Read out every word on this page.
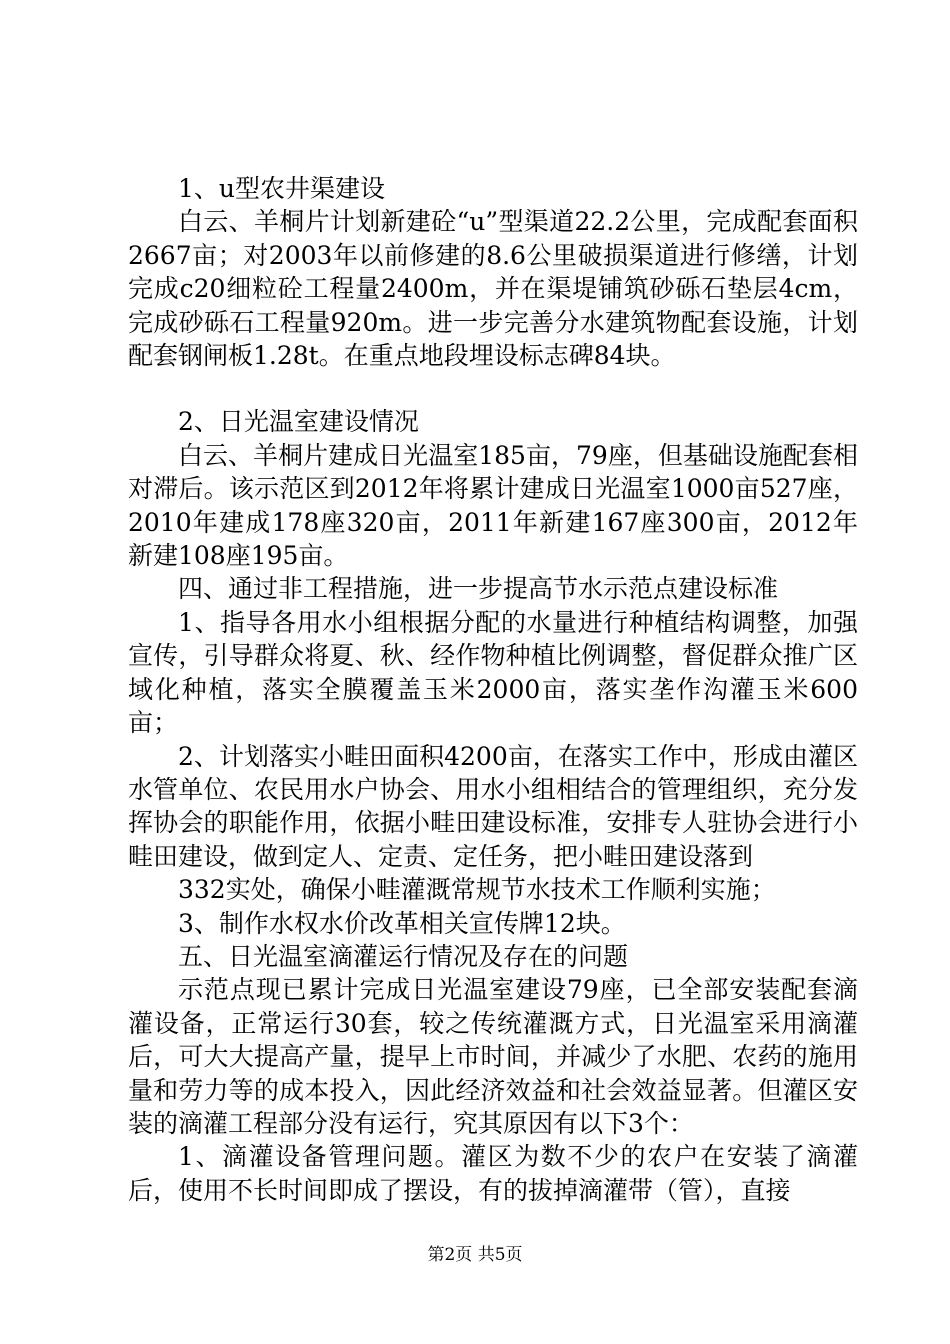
1、u型农井渠建设

白云、羊桐片计划新建砼“u”型渠道22.2公里，完成配套面积2667亩；对2003年以前修建的8.6公里破损渠道进行修缮，计划完成c20细粒砼工程量2400m，并在渠堤铺筑砂砾石垫层4cm，完成砂砾石工程量920m。进一步完善分水建筑物配套设施，计划配套钢闸板1.28t。在重点地段埋设标志碑84块。

2、日光温室建设情况

白云、羊桐片建成日光温室185亩，79座，但基础设施配套相对滞后。该示范区到2012年将累计建成日光温室1000亩527座，2010年建成178座320亩，2011年新建167座300亩，2012年新建108座195亩。

四、通过非工程措施，进一步提高节水示范点建设标准

1、指导各用水小组根据分配的水量进行种植结构调整，加强宣传，引导群众将夏、秋、经作物种植比例调整，督促群众推广区域化种植，落实全膜覆盖玉米2000亩，落实垄作沟灌玉米600亩；

2、计划落实小畦田面积4200亩，在落实工作中，形成由灌区水管单位、农民用水户协会、用水小组相结合的管理组织，充分发挥协会的职能作用，依据小畦田建设标准，安排专人驻协会进行小畦田建设，做到定人、定责、定任务，把小畦田建设落到

332实处，确保小畦灌溉常规节水技术工作顺利实施；

3、制作水权水价改革相关宣传牌12块。

五、日光温室滴灌运行情况及存在的问题

示范点现已累计完成日光温室建设79座，已全部安装配套滴灌设备，正常运行30套，较之传统灌溉方式，日光温室采用滴灌后，可大大提高产量，提早上市时间，并减少了水肥、农药的施用量和劳力等的成本投入，因此经济效益和社会效益显著。但灌区安装的滴灌工程部分没有运行，究其原因有以下3个：

1、滴灌设备管理问题。灌区为数不少的农户在安装了滴灌后，使用不长时间即成了摆设，有的拔掉滴灌带（管），直接

第2页 共5页
